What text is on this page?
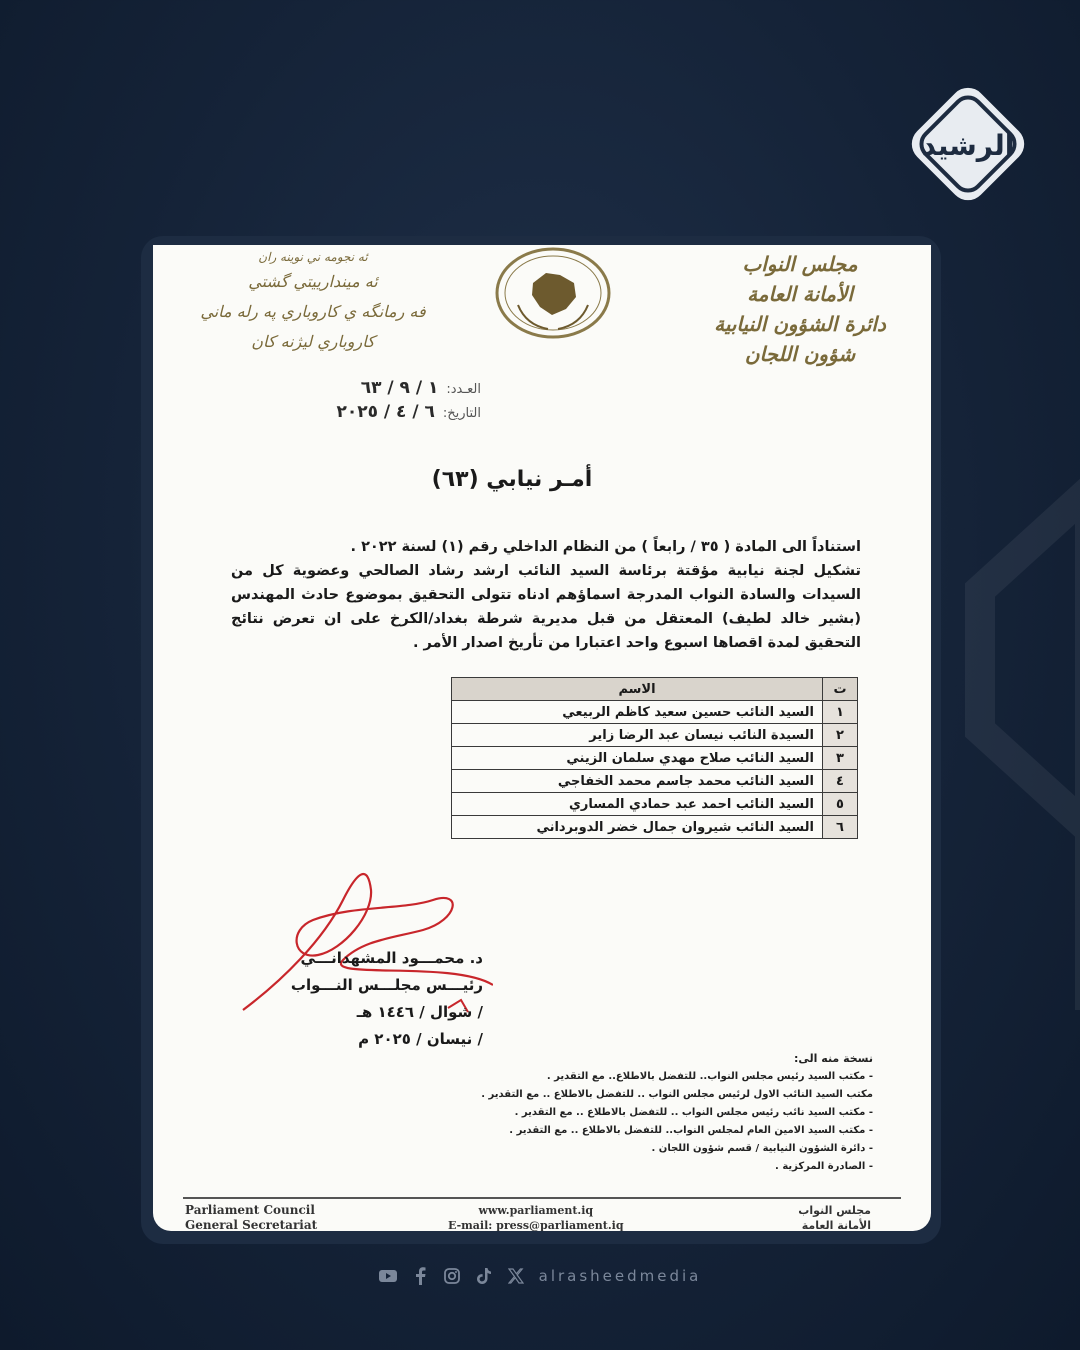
الرشيد
مجلس النواب
الأمانة العامة
دائرة الشؤون النيابية
شؤون اللجان
ئه نجومه ني نوينه ران
ئه ميندارييتي گشتي
فه رمانگه ي كاروباري په رله ماني
كاروباري ليژنه كان
العـدد:
١ / ٩ / ٦٣
التاريخ:
٦ / ٤ / ٢٠٢٥
أمـر نيابي (٦٣)

استناداً الى المادة ( ٣٥ / رابعاً ) من النظام الداخلي رقم (١) لسنة ٢٠٢٢ .

تشكيل لجنة نيابية مؤقتة برئاسة السيد النائب ارشد رشاد الصالحي وعضوية كل من السيدات والسادة النواب المدرجة اسماؤهم ادناه تتولى التحقيق بموضوع حادث المهندس (بشير خالد لطيف) المعتقل من قبل مديرية شرطة بغداد/الكرخ على ان تعرض نتائج التحقيق لمدة اقصاها اسبوع واحد اعتبارا من تأريخ اصدار الأمر .

ت	الاسم
١	السيد النائب حسين سعيد كاظم الربيعي
٢	السيدة النائب نيسان عبد الرضا زاير
٣	السيد النائب صلاح مهدي سلمان الزيني
٤	السيد النائب محمد جاسم محمد الخفاجي
٥	السيد النائب احمد عبد حمادي المساري
٦	السيد النائب شيروان جمال خضر الدوبرداني
د. محمـــود المشهدانـــي
رئيـــس مجلـــس النـــواب
/ شوال / ١٤٤٦ هـ
/ نيسان / ٢٠٢٥ م
نسخة منه الى:
- مكتب السيد رئيس مجلس النواب.. للتفضل بالاطلاع.. مع التقدير .
مكتب السيد النائب الاول لرئيس مجلس النواب .. للتفضل بالاطلاع .. مع التقدير .
- مكتب السيد نائب رئيس مجلس النواب .. للتفضل بالاطلاع .. مع التقدير .
- مكتب السيد الامين العام لمجلس النواب.. للتفضل بالاطلاع .. مع التقدير .
- دائرة الشؤون النيابية / قسم شؤون اللجان .
- الصادرة المركزية .
Parliament Council
General Secretariat
www.parliament.iq
E-mail: press@parliament.iq
مجلس النواب
الأمانة العامة
alrasheedmedia
